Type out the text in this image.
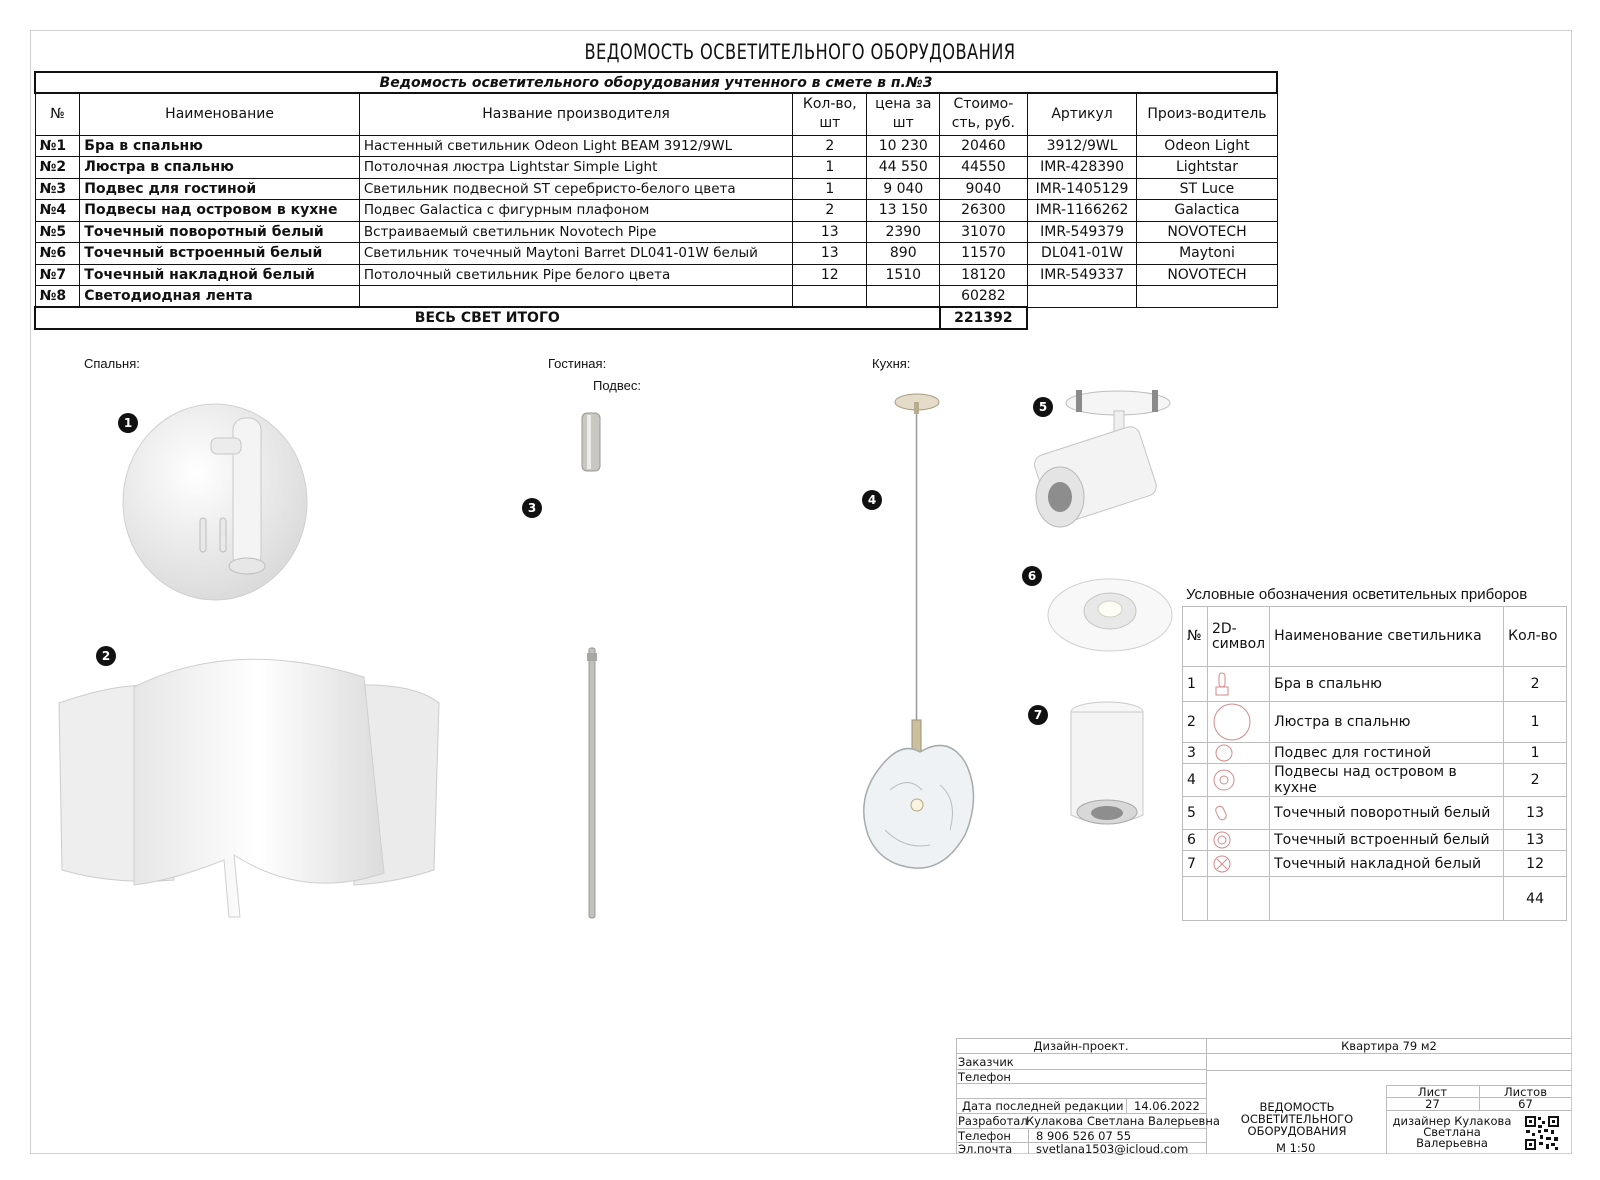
ВЕДОМОСТЬ ОСВЕТИТЕЛЬНОГО ОБОРУДОВАНИЯ
Ведомость осветительного оборудования учтенного в смете в п.№3							
№	Наименование	Название производителя	Кол-во, шт	цена за шт	Стоимо-сть, руб.	Артикул	Произ-водитель
№1	Бра в спальню	Настенный светильник Odeon Light BEAM 3912/9WL	2	10 230	20460	3912/9WL	Odeon Light
№2	Люстра в спальню	Потолочная люстра Lightstar Simple Light	1	44 550	44550	IMR-428390	Lightstar
№3	Подвес для гостиной	Светильник подвесной ST серебристо-белого цвета	1	9 040	9040	IMR-1405129	ST Luce
№4	Подвесы над островом в кухне	Подвес Galactica с фигурным плафоном	2	13 150	26300	IMR-1166262	Galactica
№5	Точечный поворотный белый	Встраиваемый светильник Novotech Pipe	13	2390	31070	IMR-549379	NOVOTECH
№6	Точечный встроенный белый	Светильник точечный Maytoni Barret DL041-01W белый	13	890	11570	DL041-01W	Maytoni
№7	Точечный накладной белый	Потолочный светильник Pipe белого цвета	12	1510	18120	IMR-549337	NOVOTECH
№8	Светодиодная лента				60282		
ВЕСЬ СВЕТ ИТОГО					221392		
Спальня:	Гостиная:
Подвес:
Кухня:
1
2
3
4
5
6
7
Условные обозначения осветительных приборов
№	2D-символ	Наименование светильника	Кол-во
1		Бра в спальню	2
2		Люстра в спальню	1
3		Подвес для гостиной	1
4		Подвесы над островом в кухне	2
5		Точечный поворотный белый	13
6		Точечный встроенный белый	13
7		Точечный накладной белый	12
			44
Дизайн-проект.	Квартира 79 м2
Заказчик
Телефон
Дата последней редакции 14.06.2022
Разработал
Кулакова Светлана Валерьевна
Телефон 8 906 526 07 55
Эл.почта svetlana1503@icloud.com
ВЕДОМОСТЬ ОСВЕТИТЕЛЬНОГО ОБОРУДОВАНИЯ
М 1:50
Лист	Листов
27	67
дизайнер Кулакова Светлана Валерьевна
